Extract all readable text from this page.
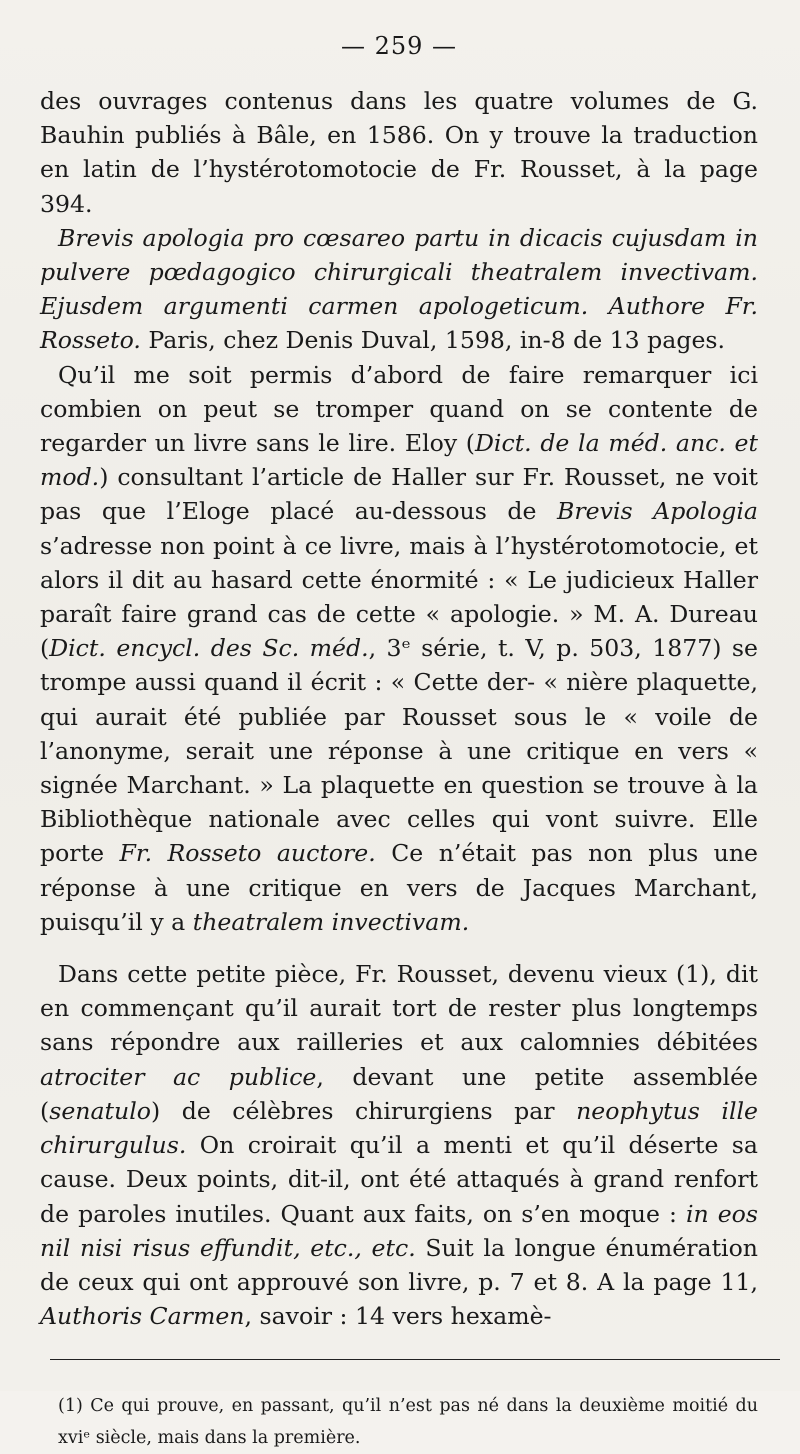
— 259 —

des ouvrages contenus dans les quatre volumes de G. Bauhin publiés à Bâle, en 1586. On y trouve la traduction en latin de l’hystérotomotocie de Fr. Rousset, à la page 394.

Brevis apologia pro cœsareo partu in dicacis cujusdam in pulvere pœdagogico chirurgicali theatralem invectivam. Ejusdem argumenti carmen apologeticum. Authore Fr. Rosseto. Paris, chez Denis Duval, 1598, in-8 de 13 pages.

Qu’il me soit permis d’abord de faire remarquer ici combien on peut se tromper quand on se contente de regarder un livre sans le lire. Eloy (Dict. de la méd. anc. et mod.) consultant l’article de Haller sur Fr. Rousset, ne voit pas que l’Eloge placé au-dessous de Brevis Apologia s’adresse non point à ce livre, mais à l’hystérotomotocie, et alors il dit au hasard cette énormité : « Le judicieux Haller paraît faire grand cas de cette « apologie. » M. A. Dureau (Dict. encycl. des Sc. méd., 3ᵉ série, t. V, p. 503, 1877) se trompe aussi quand il écrit : « Cette der- « nière plaquette, qui aurait été publiée par Rousset sous le « voile de l’anonyme, serait une réponse à une critique en vers « signée Marchant. » La plaquette en question se trouve à la Bibliothèque nationale avec celles qui vont suivre. Elle porte Fr. Rosseto auctore. Ce n’était pas non plus une réponse à une critique en vers de Jacques Marchant, puisqu’il y a theatralem invectivam.

Dans cette petite pièce, Fr. Rousset, devenu vieux (1), dit en commençant qu’il aurait tort de rester plus longtemps sans répondre aux railleries et aux calomnies débitées atrociter ac publice, devant une petite assemblée (senatulo) de célèbres chirurgiens par neophytus ille chirurgulus. On croirait qu’il a menti et qu’il déserte sa cause. Deux points, dit-il, ont été attaqués à grand renfort de paroles inutiles. Quant aux faits, on s’en moque : in eos nil nisi risus effundit, etc., etc. Suit la longue énumération de ceux qui ont approuvé son livre, p. 7 et 8. A la page 11, Authoris Carmen, savoir : 14 vers hexamè-

(1) Ce qui prouve, en passant, qu’il n’est pas né dans la deuxième moitié du xviᵉ siècle, mais dans la première.
